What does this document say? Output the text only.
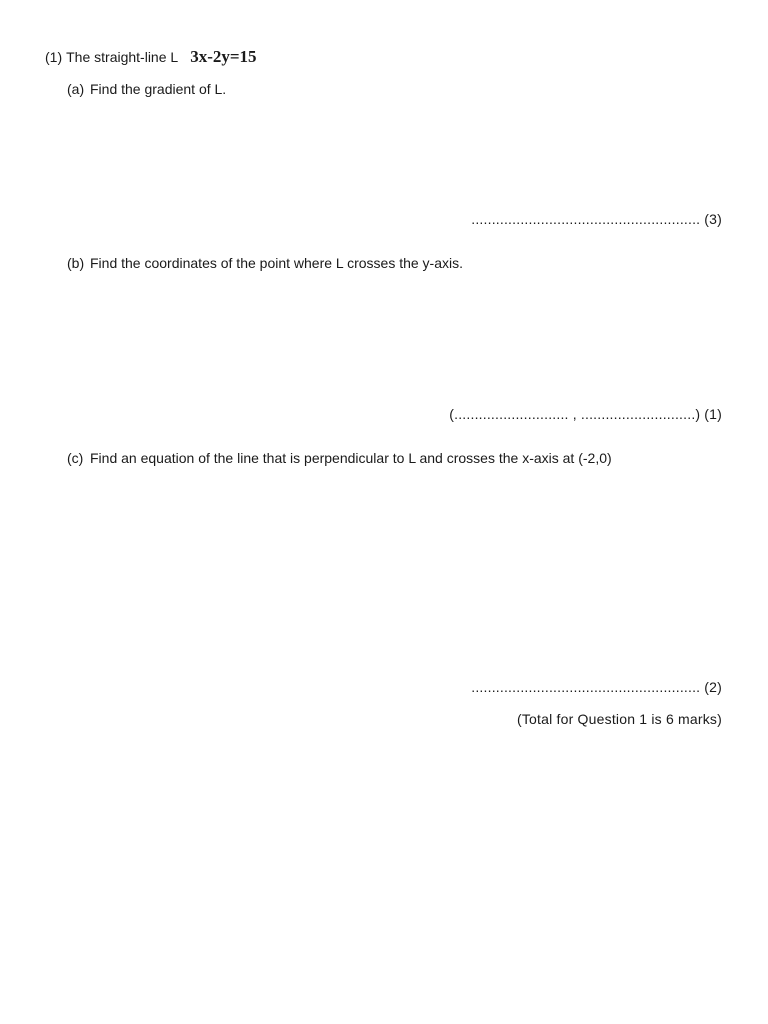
(1) The straight-line L 3x-2y=15
(a) Find the gradient of L.
........................................................ (3)
(b) Find the coordinates of the point where L crosses the y-axis.
(............................ , ............................) (1)
(c) Find an equation of the line that is perpendicular to L and crosses the x-axis at (-2,0)
........................................................ (2)
(Total for Question 1 is 6 marks)
